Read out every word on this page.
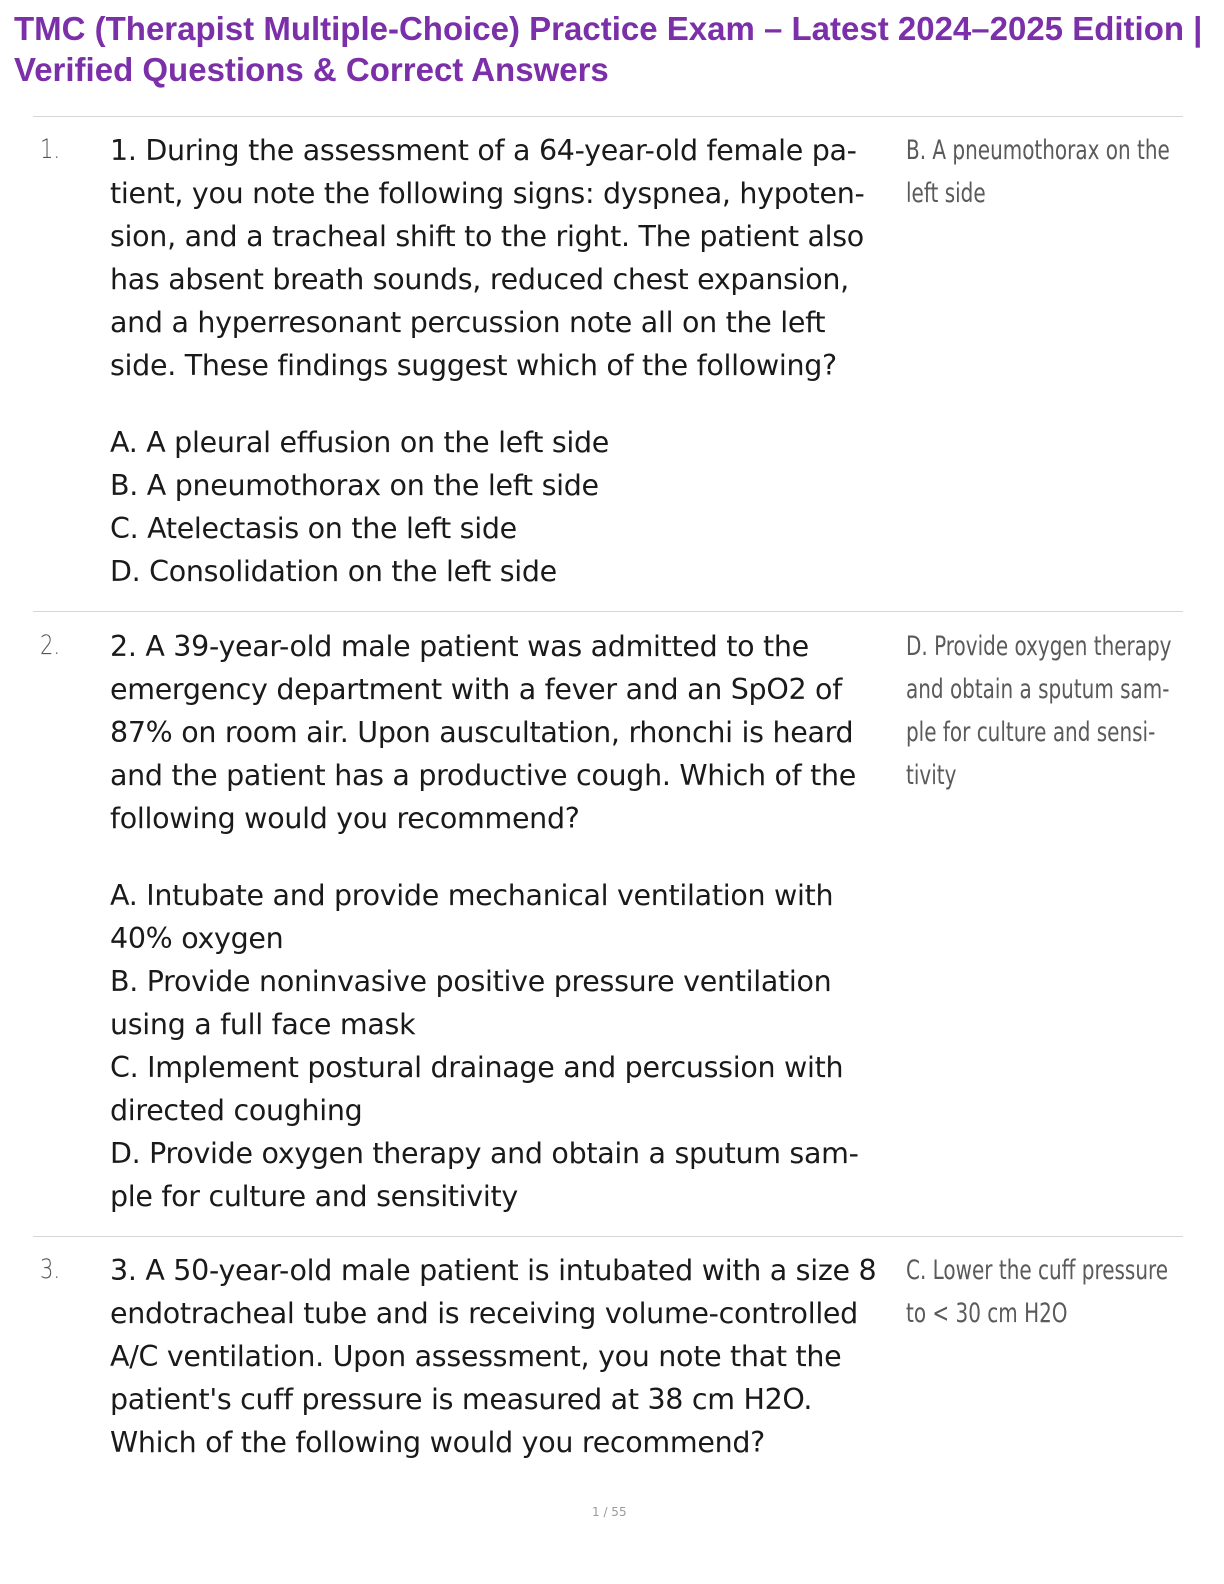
TMC (Therapist Multiple-Choice) Practice Exam – Latest 2024–2025 Edition | Verified Questions & Correct Answers
1. 1. During the assessment of a 64-year-old female pa-
tient, you note the following signs: dyspnea, hypoten-
sion, and a tracheal shift to the right. The patient also
has absent breath sounds, reduced chest expansion,
and a hyperresonant percussion note all on the left
side. These findings suggest which of the following?
A. A pleural effusion on the left side
B. A pneumothorax on the left side
C. Atelectasis on the left side
D. Consolidation on the left side
B. A pneumothorax on the
left side
2. 2. A 39-year-old male patient was admitted to the
emergency department with a fever and an SpO2 of
87% on room air. Upon auscultation, rhonchi is heard
and the patient has a productive cough. Which of the
following would you recommend?
A. Intubate and provide mechanical ventilation with
40% oxygen
B. Provide noninvasive positive pressure ventilation
using a full face mask
C. Implement postural drainage and percussion with
directed coughing
D. Provide oxygen therapy and obtain a sputum sam-
ple for culture and sensitivity
D. Provide oxygen therapy
and obtain a sputum sam-
ple for culture and sensi-
tivity
3. 3. A 50-year-old male patient is intubated with a size 8
endotracheal tube and is receiving volume-controlled
A/C ventilation. Upon assessment, you note that the
patient's cuff pressure is measured at 38 cm H2O.
Which of the following would you recommend?
C. Lower the cuff pressure
to < 30 cm H2O
1 / 55
